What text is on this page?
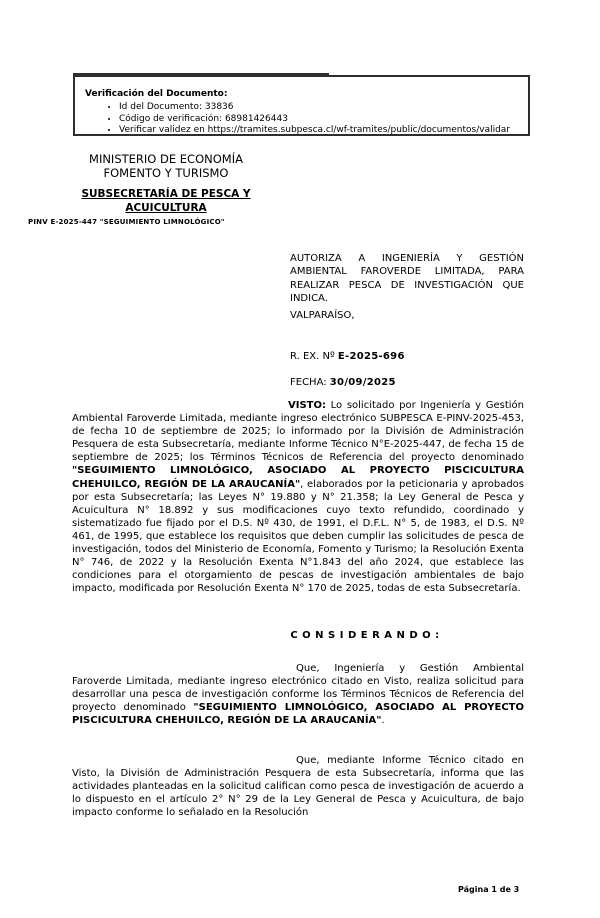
Verificación del Documento:
• Id del Documento: 33836
• Código de verificación: 68981426443
• Verificar validez en https://tramites.subpesca.cl/wf-tramites/public/documentos/validar
MINISTERIO DE ECONOMÍA
FOMENTO Y TURISMO
SUBSECRETARÍA DE PESCA Y
ACUICULTURA
PINV E-2025-447 "SEGUIMIENTO LIMNOLÓGICO"

AUTORIZA A INGENIERÍA Y GESTIÓN AMBIENTAL FAROVERDE LIMITADA, PARA REALIZAR PESCA DE INVESTIGACIÓN QUE INDICA.

VALPARAÍSO,
R. EX. Nº E-2025-696
FECHA: 30/09/2025

VISTO: Lo solicitado por Ingeniería y Gestión Ambiental Faroverde Limitada, mediante ingreso electrónico SUBPESCA E-PINV-2025-453, de fecha 10 de septiembre de 2025; lo informado por la División de Administración Pesquera de esta Subsecretaría, mediante Informe Técnico N°E-2025-447, de fecha 15 de septiembre de 2025; los Términos Técnicos de Referencia del proyecto denominado "SEGUIMIENTO LIMNOLÓGICO, ASOCIADO AL PROYECTO PISCICULTURA CHEHUILCO, REGIÓN DE LA ARAUCANÍA", elaborados por la peticionaria y aprobados por esta Subsecretaría; las Leyes N° 19.880 y N° 21.358; la Ley General de Pesca y Acuicultura N° 18.892 y sus modificaciones cuyo texto refundido, coordinado y sistematizado fue fijado por el D.S. Nº 430, de 1991, el D.F.L. N° 5, de 1983, el D.S. Nº 461, de 1995, que establece los requisitos que deben cumplir las solicitudes de pesca de investigación, todos del Ministerio de Economía, Fomento y Turismo; la Resolución Exenta N° 746, de 2022 y la Resolución Exenta N°1.843 del año 2024, que establece las condiciones para el otorgamiento de pescas de investigación ambientales de bajo impacto, modificada por Resolución Exenta N° 170 de 2025, todas de esta Subsecretaría.

CONSIDERANDO:

Que, Ingeniería y Gestión Ambiental Faroverde Limitada, mediante ingreso electrónico citado en Visto, realiza solicitud para desarrollar una pesca de investigación conforme los Términos Técnicos de Referencia del proyecto denominado "SEGUIMIENTO LIMNOLÓGICO, ASOCIADO AL PROYECTO PISCICULTURA CHEHUILCO, REGIÓN DE LA ARAUCANÍA".

Que, mediante Informe Técnico citado en Visto, la División de Administración Pesquera de esta Subsecretaría, informa que las actividades planteadas en la solicitud califican como pesca de investigación de acuerdo a lo dispuesto en el artículo 2° N° 29 de la Ley General de Pesca y Acuicultura, de bajo impacto conforme lo señalado en la Resolución

Página 1 de 3
